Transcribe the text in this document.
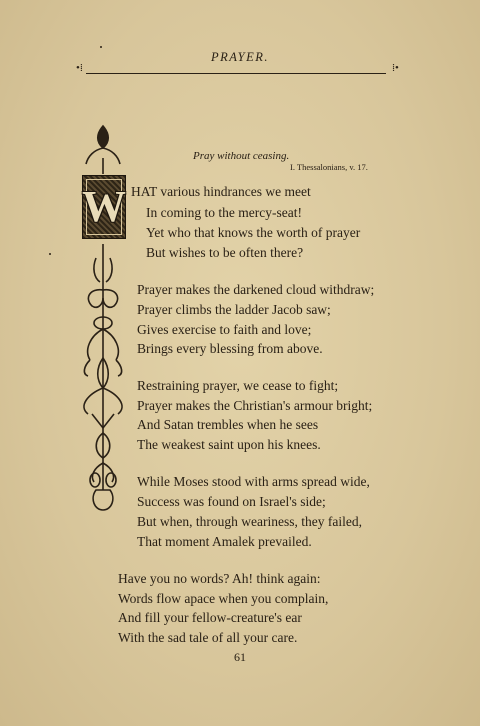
PRAYER.
•⁞	⁞•
Pray without ceasing.
I. Thessalonians, v. 17.
W HAT various hindrances we meet
In coming to the mercy-seat!
Yet who that knows the worth of prayer
But wishes to be often there?
Prayer makes the darkened cloud withdraw;
Prayer climbs the ladder Jacob saw;
Gives exercise to faith and love;
Brings every blessing from above.
Restraining prayer, we cease to fight;
Prayer makes the Christian's armour bright;
And Satan trembles when he sees
The weakest saint upon his knees.
While Moses stood with arms spread wide,
Success was found on Israel's side;
But when, through weariness, they failed,
That moment Amalek prevailed.
Have you no words? Ah! think again:
Words flow apace when you complain,
And fill your fellow-creature's ear
With the sad tale of all your care.
61
